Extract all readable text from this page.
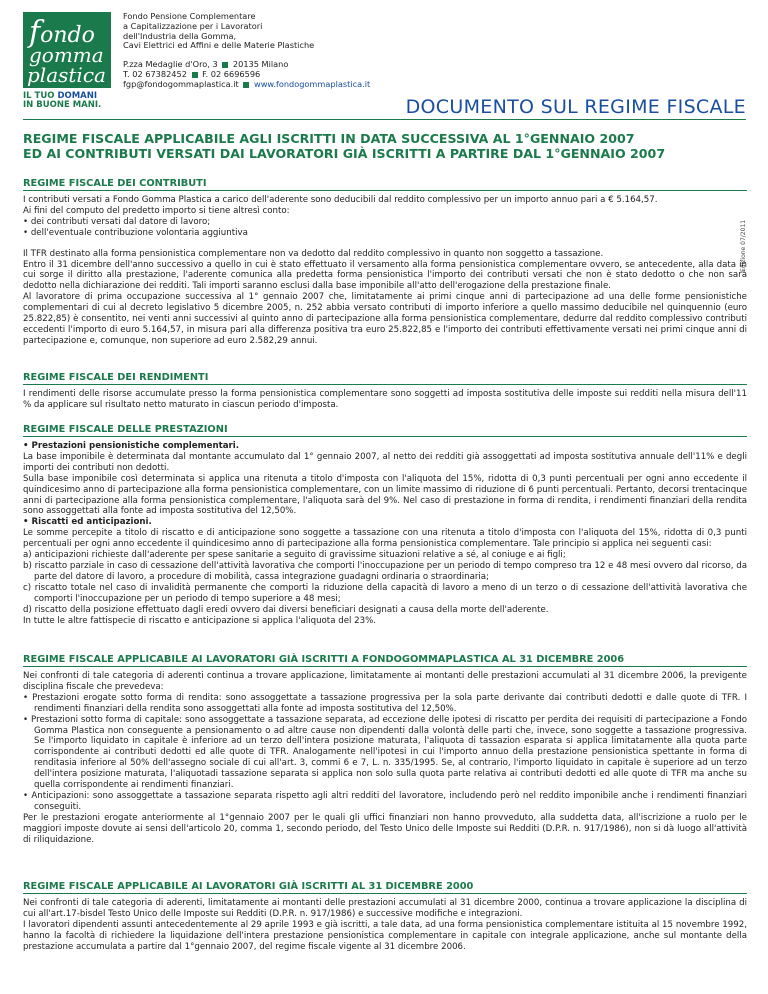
fondo
gomma
plastica
IL TUO DOMANI
IN BUONE MANI.
Fondo Pensione Complementare
a Capitalizzazione per i Lavoratori
dell'Industria della Gomma,
Cavi Elettrici ed Affini e delle Materie Plastiche
P.zza Medaglie d'Oro, 3 20135 Milano
T. 02 67382452 F. 02 6696596
fgp@fondogommaplastica.it www.fondogommaplastica.it
DOCUMENTO SUL REGIME FISCALE
REGIME FISCALE APPLICABILE AGLI ISCRITTI IN DATA SUCCESSIVA AL 1°GENNAIO 2007
ED AI CONTRIBUTI VERSATI DAI LAVORATORI GIÀ ISCRITTI A PARTIRE DAL 1°GENNAIO 2007
Edizione 07/2011
REGIME FISCALE DEI CONTRIBUTI

I contributi versati a Fondo Gomma Plastica a carico dell'aderente sono deducibili dal reddito complessivo per un importo annuo pari a € 5.164,57.

Ai fini del computo del predetto importo si tiene altresì conto:

• dei contributi versati dal datore di lavoro;

• dell'eventuale contribuzione volontaria aggiuntiva

Il TFR destinato alla forma pensionistica complementare non va dedotto dal reddito complessivo in quanto non soggetto a tassazione.

Entro il 31 dicembre dell'anno successivo a quello in cui è stato effettuato il versamento alla forma pensionistica complementare ovvero, se antecedente, alla data in cui sorge il diritto alla prestazione, l'aderente comunica alla predetta forma pensionistica l'importo dei contributi versati che non è stato dedotto o che non sarà dedotto nella dichiarazione dei redditi. Tali importi saranno esclusi dalla base imponibile all'atto dell'erogazione della prestazione finale.

Al lavoratore di prima occupazione successiva al 1° gennaio 2007 che, limitatamente ai primi cinque anni di partecipazione ad una delle forme pensionistiche complementari di cui al decreto legislativo 5 dicembre 2005, n. 252 abbia versato contributi di importo inferiore a quello massimo deducibile nel quinquennio (euro 25.822,85) è consentito, nei venti anni successivi al quinto anno di partecipazione alla forma pensionistica complementare, dedurre dal reddito complessivo contributi eccedenti l'importo di euro 5.164,57, in misura pari alla differenza positiva tra euro 25.822,85 e l'importo dei contributi effettivamente versati nei primi cinque anni di partecipazione e, comunque, non superiore ad euro 2.582,29 annui.

REGIME FISCALE DEI RENDIMENTI

I rendimenti delle risorse accumulate presso la forma pensionistica complementare sono soggetti ad imposta sostitutiva delle imposte sui redditi nella misura dell'11 % da applicare sul risultato netto maturato in ciascun periodo d'imposta.

REGIME FISCALE DELLE PRESTAZIONI

• Prestazioni pensionistiche complementari.

La base imponibile è determinata dal montante accumulato dal 1° gennaio 2007, al netto dei redditi già assoggettati ad imposta sostitutiva annuale dell'11% e degli importi dei contributi non dedotti.

Sulla base imponibile così determinata si applica una ritenuta a titolo d'imposta con l'aliquota del 15%, ridotta di 0,3 punti percentuali per ogni anno eccedente il quindicesimo anno di partecipazione alla forma pensionistica complementare, con un limite massimo di riduzione di 6 punti percentuali. Pertanto, decorsi trentacinque anni di partecipazione alla forma pensionistica complementare, l'aliquota sarà del 9%. Nel caso di prestazione in forma di rendita, i rendimenti finanziari della rendita sono assoggettati alla fonte ad imposta sostitutiva del 12,50%.

• Riscatti ed anticipazioni.

Le somme percepite a titolo di riscatto e di anticipazione sono soggette a tassazione con una ritenuta a titolo d'imposta con l'aliquota del 15%, ridotta di 0,3 punti percentuali per ogni anno eccedente il quindicesimo anno di partecipazione alla forma pensionistica complementare. Tale principio si applica nei seguenti casi:

a) anticipazioni richieste dall'aderente per spese sanitarie a seguito di gravissime situazioni relative a sé, al coniuge e ai figli;

b) riscatto parziale in caso di cessazione dell'attività lavorativa che comporti l'inoccupazione per un periodo di tempo compreso tra 12 e 48 mesi ovvero dal ricorso, da parte del datore di lavoro, a procedure di mobilità, cassa integrazione guadagni ordinaria o straordinaria;

c) riscatto totale nel caso di invalidità permanente che comporti la riduzione della capacità di lavoro a meno di un terzo o di cessazione dell'attività lavorativa che comporti l'inoccupazione per un periodo di tempo superiore a 48 mesi;

d) riscatto della posizione effettuato dagli eredi ovvero dai diversi beneficiari designati a causa della morte dell'aderente.

In tutte le altre fattispecie di riscatto e anticipazione si applica l'aliquota del 23%.

REGIME FISCALE APPLICABILE AI LAVORATORI GIÀ ISCRITTI A FONDOGOMMAPLASTICA AL 31 DICEMBRE 2006

Nei confronti di tale categoria di aderenti continua a trovare applicazione, limitatamente ai montanti delle prestazioni accumulati al 31 dicembre 2006, la previgente disciplina fiscale che prevedeva:

• Prestazioni erogate sotto forma di rendita: sono assoggettate a tassazione progressiva per la sola parte derivante dai contributi dedotti e dalle quote di TFR. I rendimenti finanziari della rendita sono assoggettati alla fonte ad imposta sostitutiva del 12,50%.

• Prestazioni sotto forma di capitale: sono assoggettate a tassazione separata, ad eccezione delle ipotesi di riscatto per perdita dei requisiti di partecipazione a Fondo Gomma Plastica non conseguente a pensionamento o ad altre cause non dipendenti dalla volontà delle parti che, invece, sono soggette a tassazione progressiva. Se l'importo liquidato in capitale è inferiore ad un terzo dell'intera posizione maturata, l'aliquota di tassazion esparata si applica limitatamente alla quota parte corrispondente ai contributi dedotti ed alle quote di TFR. Analogamente nell'ipotesi in cui l'importo annuo della prestazione pensionistica spettante in forma di renditasia inferiore al 50% dell'assegno sociale di cui all'art. 3, commi 6 e 7, L. n. 335/1995. Se, al contrario, l'importo liquidato in capitale è superiore ad un terzo dell'intera posizione maturata, l'aliquotadi tassazione separata si applica non solo sulla quota parte relativa ai contributi dedotti ed alle quote di TFR ma anche su quella corrispondente ai rendimenti finanziari.

• Anticipazioni: sono assoggettate a tassazione separata rispetto agli altri redditi del lavoratore, includendo però nel reddito imponibile anche i rendimenti finanziari conseguiti.

Per le prestazioni erogate anteriormente al 1°gennaio 2007 per le quali gli uffici finanziari non hanno provveduto, alla suddetta data, all'iscrizione a ruolo per le maggiori imposte dovute ai sensi dell'articolo 20, comma 1, secondo periodo, del Testo Unico delle Imposte sui Redditi (D.P.R. n. 917/1986), non si dà luogo all'attività di riliquidazione.

REGIME FISCALE APPLICABILE AI LAVORATORI GIÀ ISCRITTI AL 31 DICEMBRE 2000

Nei confronti di tale categoria di aderenti, limitatamente ai montanti delle prestazioni accumulati al 31 dicembre 2000, continua a trovare applicazione la disciplina di cui all'art.17-bisdel Testo Unico delle Imposte sui Redditi (D.P.R. n. 917/1986) e successive modifiche e integrazioni.

I lavoratori dipendenti assunti antecedentemente al 29 aprile 1993 e già iscritti, a tale data, ad una forma pensionistica complementare istituita al 15 novembre 1992, hanno la facoltà di richiedere la liquidazione dell'intera prestazione pensionistica complementare in capitale con integrale applicazione, anche sul montante della prestazione accumulata a partire dal 1°gennaio 2007, del regime fiscale vigente al 31 dicembre 2006.
